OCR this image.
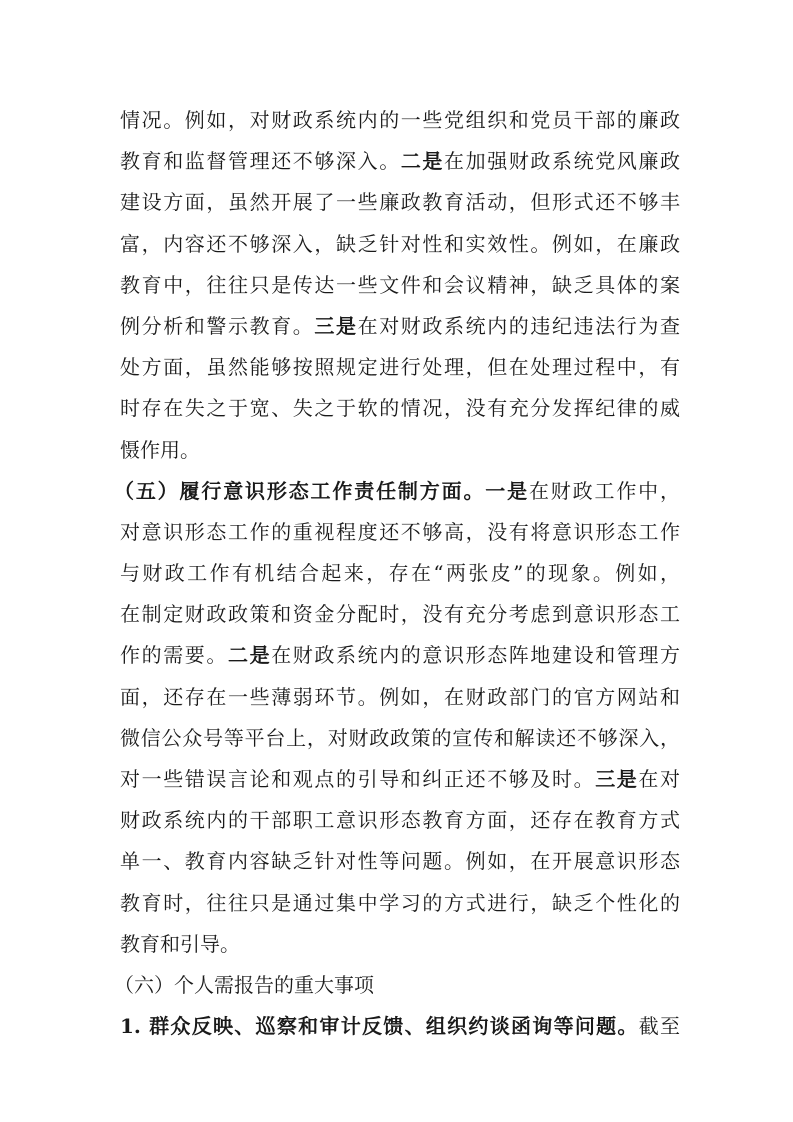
情况。例如，对财政系统内的一些党组织和党员干部的廉政
教育和监督管理还不够深入。二是在加强财政系统党风廉政
建设方面，虽然开展了一些廉政教育活动，但形式还不够丰
富，内容还不够深入，缺乏针对性和实效性。例如，在廉政
教育中，往往只是传达一些文件和会议精神，缺乏具体的案
例分析和警示教育。三是在对财政系统内的违纪违法行为查
处方面，虽然能够按照规定进行处理，但在处理过程中，有
时存在失之于宽、失之于软的情况，没有充分发挥纪律的威
慑作用。
（五）履行意识形态工作责任制方面。一是在财政工作中，
对意识形态工作的重视程度还不够高，没有将意识形态工作
与财政工作有机结合起来，存在“两张皮”的现象。例如，
在制定财政政策和资金分配时，没有充分考虑到意识形态工
作的需要。二是在财政系统内的意识形态阵地建设和管理方
面，还存在一些薄弱环节。例如，在财政部门的官方网站和
微信公众号等平台上，对财政政策的宣传和解读还不够深入，
对一些错误言论和观点的引导和纠正还不够及时。三是在对
财政系统内的干部职工意识形态教育方面，还存在教育方式
单一、教育内容缺乏针对性等问题。例如，在开展意识形态
教育时，往往只是通过集中学习的方式进行，缺乏个性化的
教育和引导。
（六）个人需报告的重大事项
1. 群众反映、巡察和审计反馈、组织约谈函询等问题。截至
